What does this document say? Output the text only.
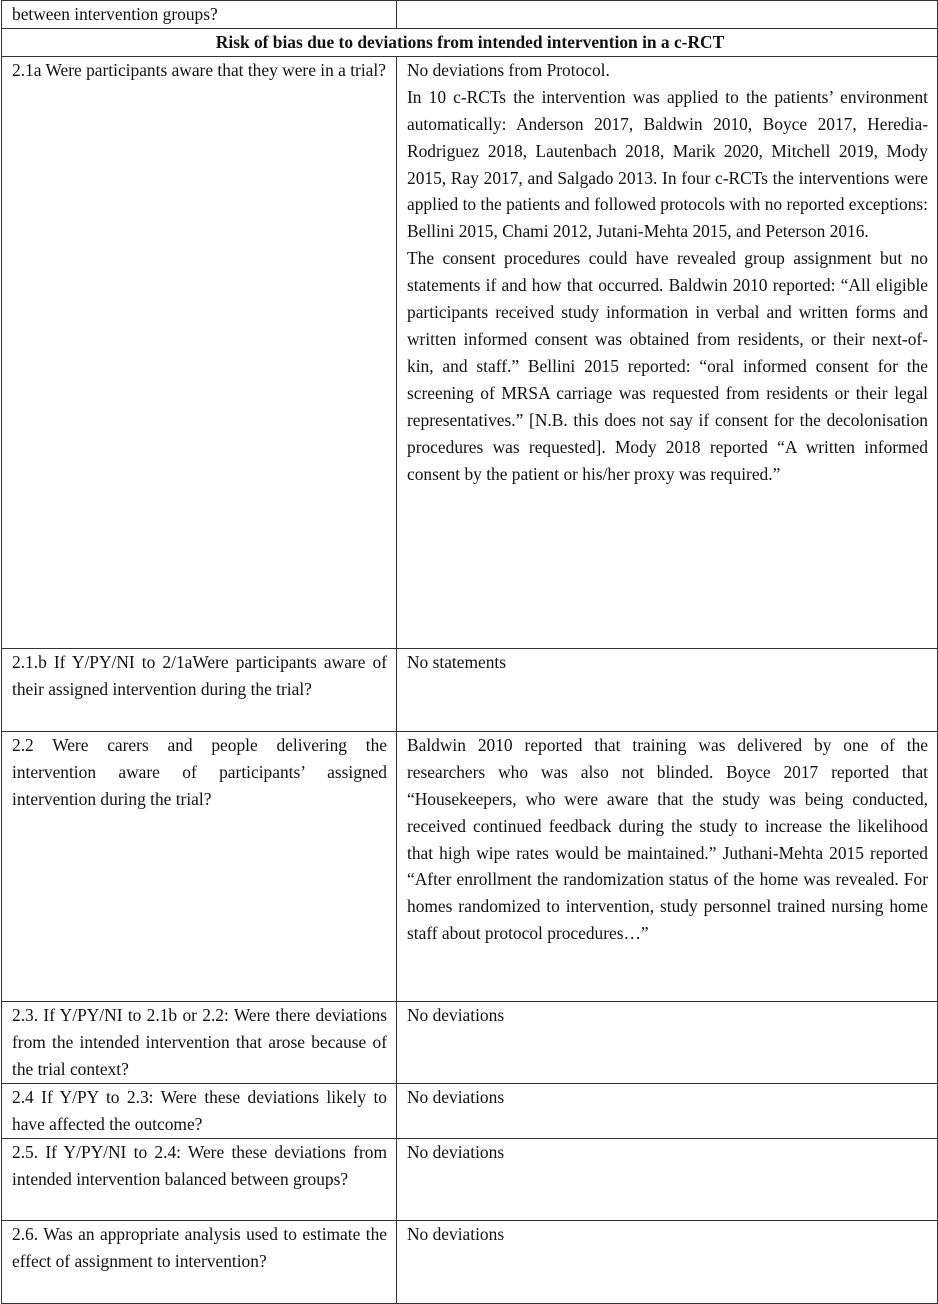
between intervention groups?	
Risk of bias due to deviations from intended intervention in a c-RCT	
2.1a Were participants aware that they were in a trial?	No deviations from Protocol.
In 10 c-RCTs the intervention was applied to the patients’ environment automatically: Anderson 2017, Baldwin 2010, Boyce 2017, Heredia-Rodriguez 2018, Lautenbach 2018, Marik 2020, Mitchell 2019, Mody 2015, Ray 2017, and Salgado 2013. In four c-RCTs the interventions were applied to the patients and followed protocols with no reported exceptions: Bellini 2015, Chami 2012, Jutani-Mehta 2015, and Peterson 2016.
The consent procedures could have revealed group assignment but no statements if and how that occurred. Baldwin 2010 reported: “All eligible participants received study information in verbal and written forms and written informed consent was obtained from residents, or their next-of-kin, and staff.” Bellini 2015 reported: “oral informed consent for the screening of MRSA carriage was requested from residents or their legal representatives.” [N.B. this does not say if consent for the decolonisation procedures was requested]. Mody 2018 reported “A written informed consent by the patient or his/her proxy was required.”

2.1.b If Y/PY/NI to 2/1aWere participants aware of their assigned intervention during the trial?	No statements

2.2 Were carers and people delivering the intervention aware of participants’ assigned intervention during the trial?	Baldwin 2010 reported that training was delivered by one of the researchers who was also not blinded. Boyce 2017 reported that “Housekeepers, who were aware that the study was being conducted, received continued feedback during the study to increase the likelihood that high wipe rates would be maintained.” Juthani-Mehta 2015 reported “After enrollment the randomization status of the home was revealed. For homes randomized to intervention, study personnel trained nursing home staff about protocol procedures…”

2.3. If Y/PY/NI to 2.1b or 2.2: Were there deviations from the intended intervention that arose because of the trial context?	No deviations

2.4 If Y/PY to 2.3: Were these deviations likely to have affected the outcome?	No deviations

2.5. If Y/PY/NI to 2.4: Were these deviations from intended intervention balanced between groups?	No deviations

2.6. Was an appropriate analysis used to estimate the effect of assignment to intervention?	No deviations
